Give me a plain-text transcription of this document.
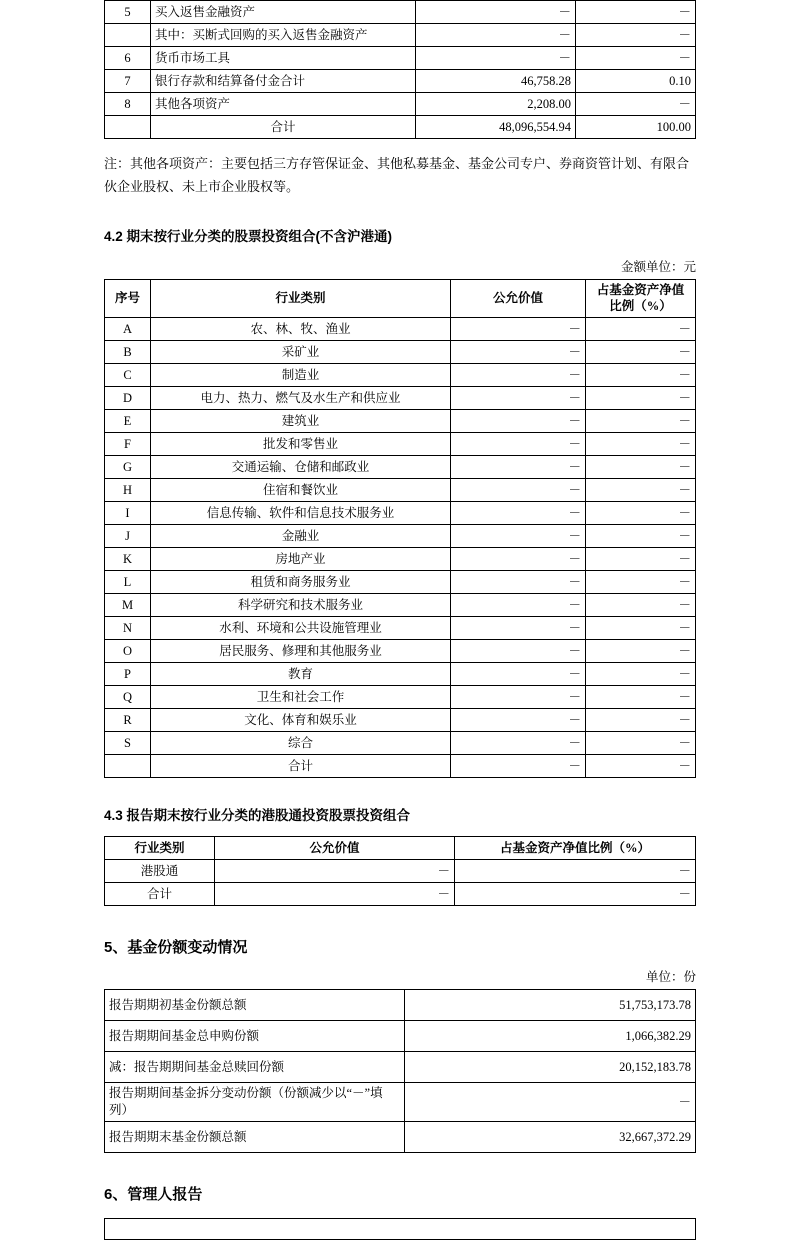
5	买入返售金融资产	－	－
	其中：买断式回购的买入返售金融资产	－	－
6	货币市场工具	－	－
7	银行存款和结算备付金合计	46,758.28	0.10
8	其他各项资产	2,208.00	－
	合计	48,096,554.94	100.00

注：其他各项资产：主要包括三方存管保证金、其他私募基金、基金公司专户、券商资管计划、有限合伙企业股权、未上市企业股权等。

4.2 期末按行业分类的股票投资组合(不含沪港通)
金额单位：元
序号	行业类别	公允价值	占基金资产净值
比例（%）

A	农、林、牧、渔业	－	－
B	采矿业	－	－
C	制造业	－	－
D	电力、热力、燃气及水生产和供应业	－	－
E	建筑业	－	－
F	批发和零售业	－	－
G	交通运输、仓储和邮政业	－	－
H	住宿和餐饮业	－	－
I	信息传输、软件和信息技术服务业	－	－
J	金融业	－	－
K	房地产业	－	－
L	租赁和商务服务业	－	－
M	科学研究和技术服务业	－	－
N	水利、环境和公共设施管理业	－	－
O	居民服务、修理和其他服务业	－	－
P	教育	－	－
Q	卫生和社会工作	－	－
R	文化、体育和娱乐业	－	－
S	综合	－	－
	合计	－	－
4.3 报告期末按行业分类的港股通投资股票投资组合
行业类别	公允价值	占基金资产净值比例（%）
港股通	－	－
合计	－	－
5、基金份额变动情况
单位：份
报告期期初基金份额总额	51,753,173.78
报告期期间基金总申购份额	1,066,382.29
减：报告期期间基金总赎回份额	20,152,183.78
报告期期间基金拆分变动份额（份额减少以“－”填列）	－
报告期期末基金份额总额	32,667,372.29
6、管理人报告
